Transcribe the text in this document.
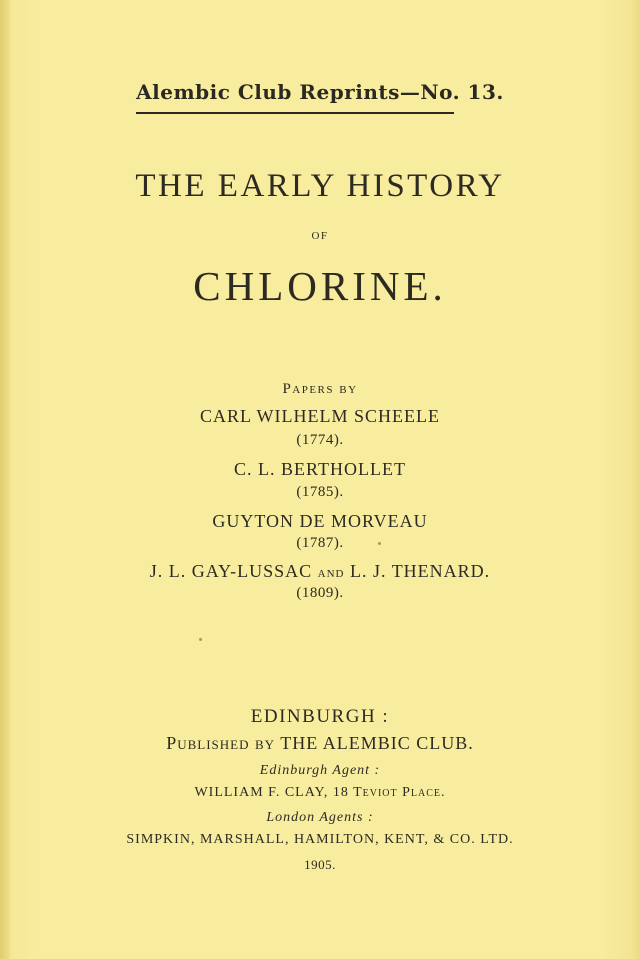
Alembic Club Reprints—No. 13.
THE EARLY HISTORY
OF
CHLORINE.
Papers by
CARL WILHELM SCHEELE
(1774).
C. L. BERTHOLLET
(1785).
GUYTON DE MORVEAU
(1787).
J. L. GAY-LUSSAC and L. J. THENARD.
(1809).
EDINBURGH :
Published by THE ALEMBIC CLUB.
Edinburgh Agent :
WILLIAM F. CLAY, 18 Teviot Place.
London Agents :
SIMPKIN, MARSHALL, HAMILTON, KENT, & CO. LTD.
1905.
